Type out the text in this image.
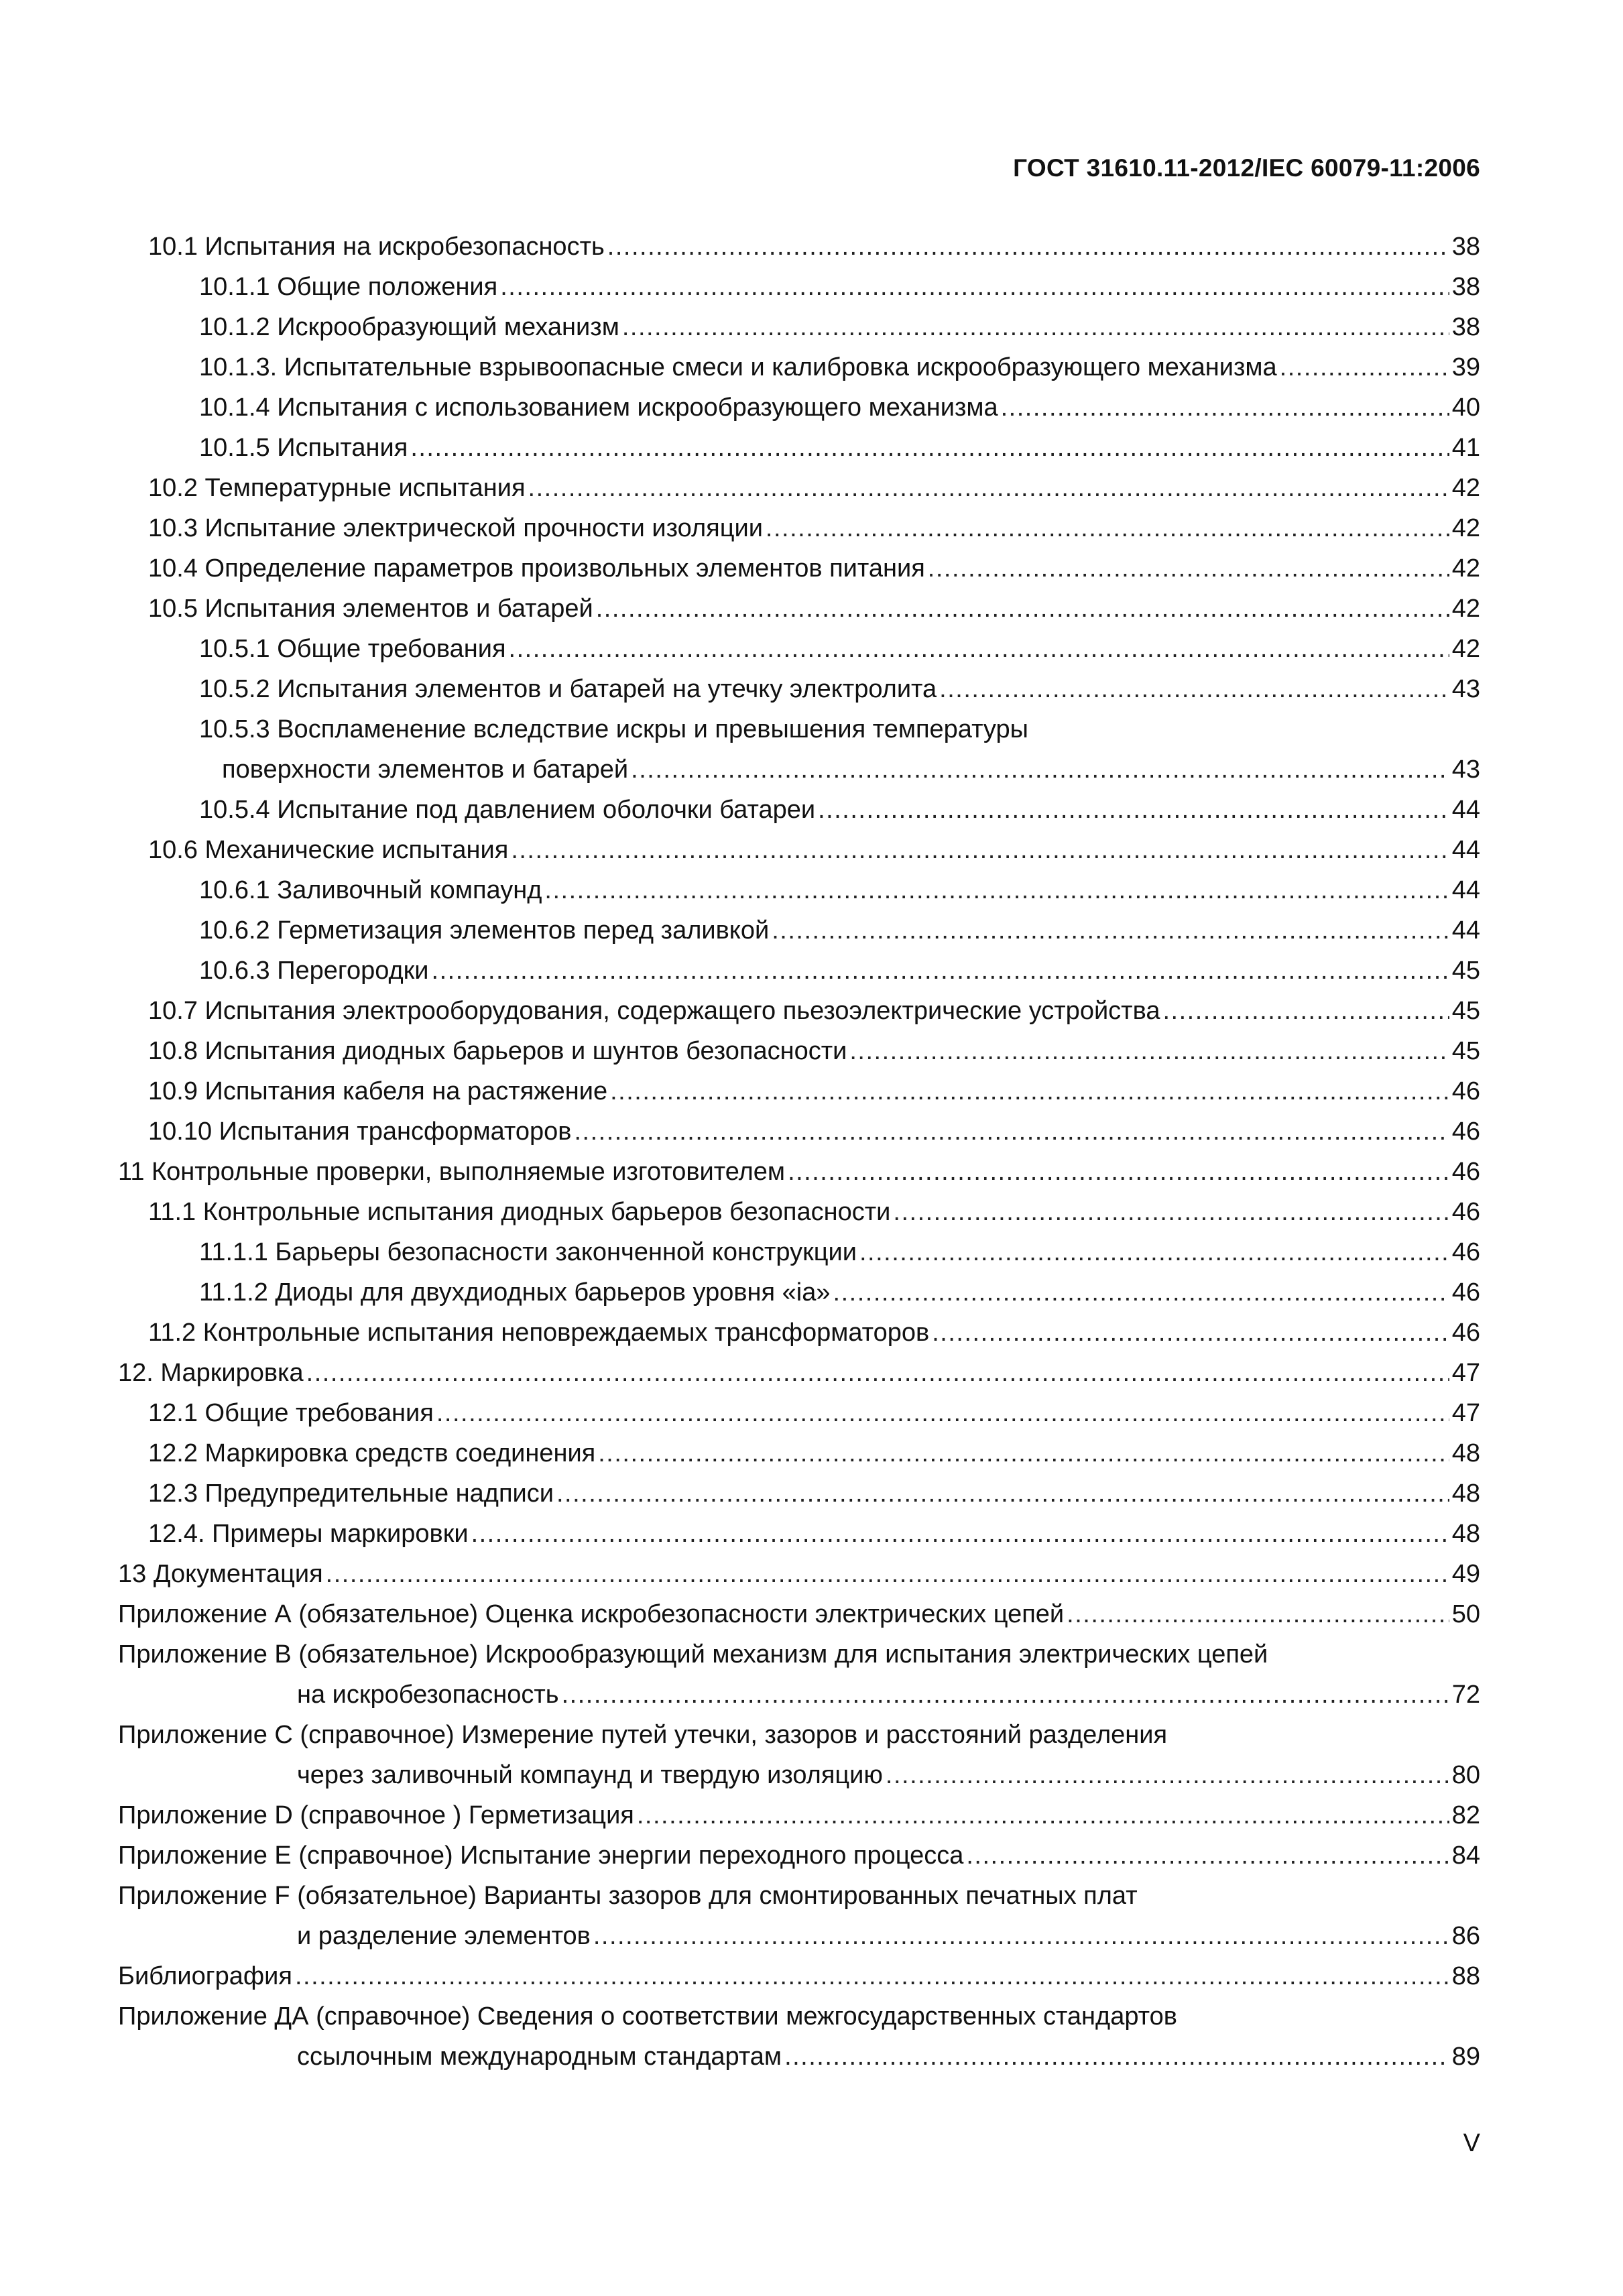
ГОСТ 31610.11-2012/IEC 60079-11:2006
10.1 Испытания на искробезопасность .....	38
10.1.1 Общие положения .....	38
10.1.2 Искрообразующий механизм .....	38
10.1.3. Испытательные взрывоопасные смеси и калибровка искрообразующего механизма .....	39
10.1.4 Испытания с использованием искрообразующего механизма .....	40
10.1.5 Испытания .....	41
10.2 Температурные испытания .....	42
10.3 Испытание электрической прочности изоляции .....	42
10.4 Определение параметров произвольных элементов питания .....	42
10.5 Испытания элементов и батарей .....	42
10.5.1 Общие требования .....	42
10.5.2 Испытания элементов и батарей на утечку электролита .....	43
10.5.3 Воспламенение вследствие искры и превышения температуры
поверхности элементов и батарей .....	43
10.5.4 Испытание под давлением оболочки батареи .....	44
10.6 Механические испытания .....	44
10.6.1 Заливочный компаунд .....	44
10.6.2 Герметизация элементов перед заливкой .....	44
10.6.3 Перегородки .....	45
10.7 Испытания электрооборудования, содержащего пьезоэлектрические устройства .....	45
10.8 Испытания диодных барьеров и шунтов безопасности .....	45
10.9 Испытания кабеля на растяжение .....	46
10.10 Испытания трансформаторов .....	46
11 Контрольные проверки, выполняемые изготовителем .....	46
11.1 Контрольные испытания диодных барьеров безопасности .....	46
11.1.1 Барьеры безопасности законченной конструкции .....	46
11.1.2 Диоды для двухдиодных барьеров уровня «ia» .....	46
11.2 Контрольные испытания неповреждаемых трансформаторов .....	46
12. Маркировка .....	47
12.1 Общие требования .....	47
12.2 Маркировка средств соединения .....	48
12.3 Предупредительные надписи .....	48
12.4. Примеры маркировки .....	48
13 Документация .....	49
Приложение А (обязательное) Оценка искробезопасности электрических цепей .....	50
Приложение В (обязательное) Искрообразующий механизм для испытания электрических цепей
на искробезопасность .....	72
Приложение С (справочное) Измерение путей утечки, зазоров и расстояний разделения
через заливочный компаунд и твердую изоляцию .....	80
Приложение D (справочное ) Герметизация .....	82
Приложение Е (справочное) Испытание энергии переходного процесса .....	84
Приложение F (обязательное) Варианты зазоров для смонтированных печатных плат
и разделение элементов .....	86
Библиография .....	88
Приложение ДА (справочное) Сведения о соответствии межгосударственных стандартов
ссылочным международным стандартам .....	89
V
